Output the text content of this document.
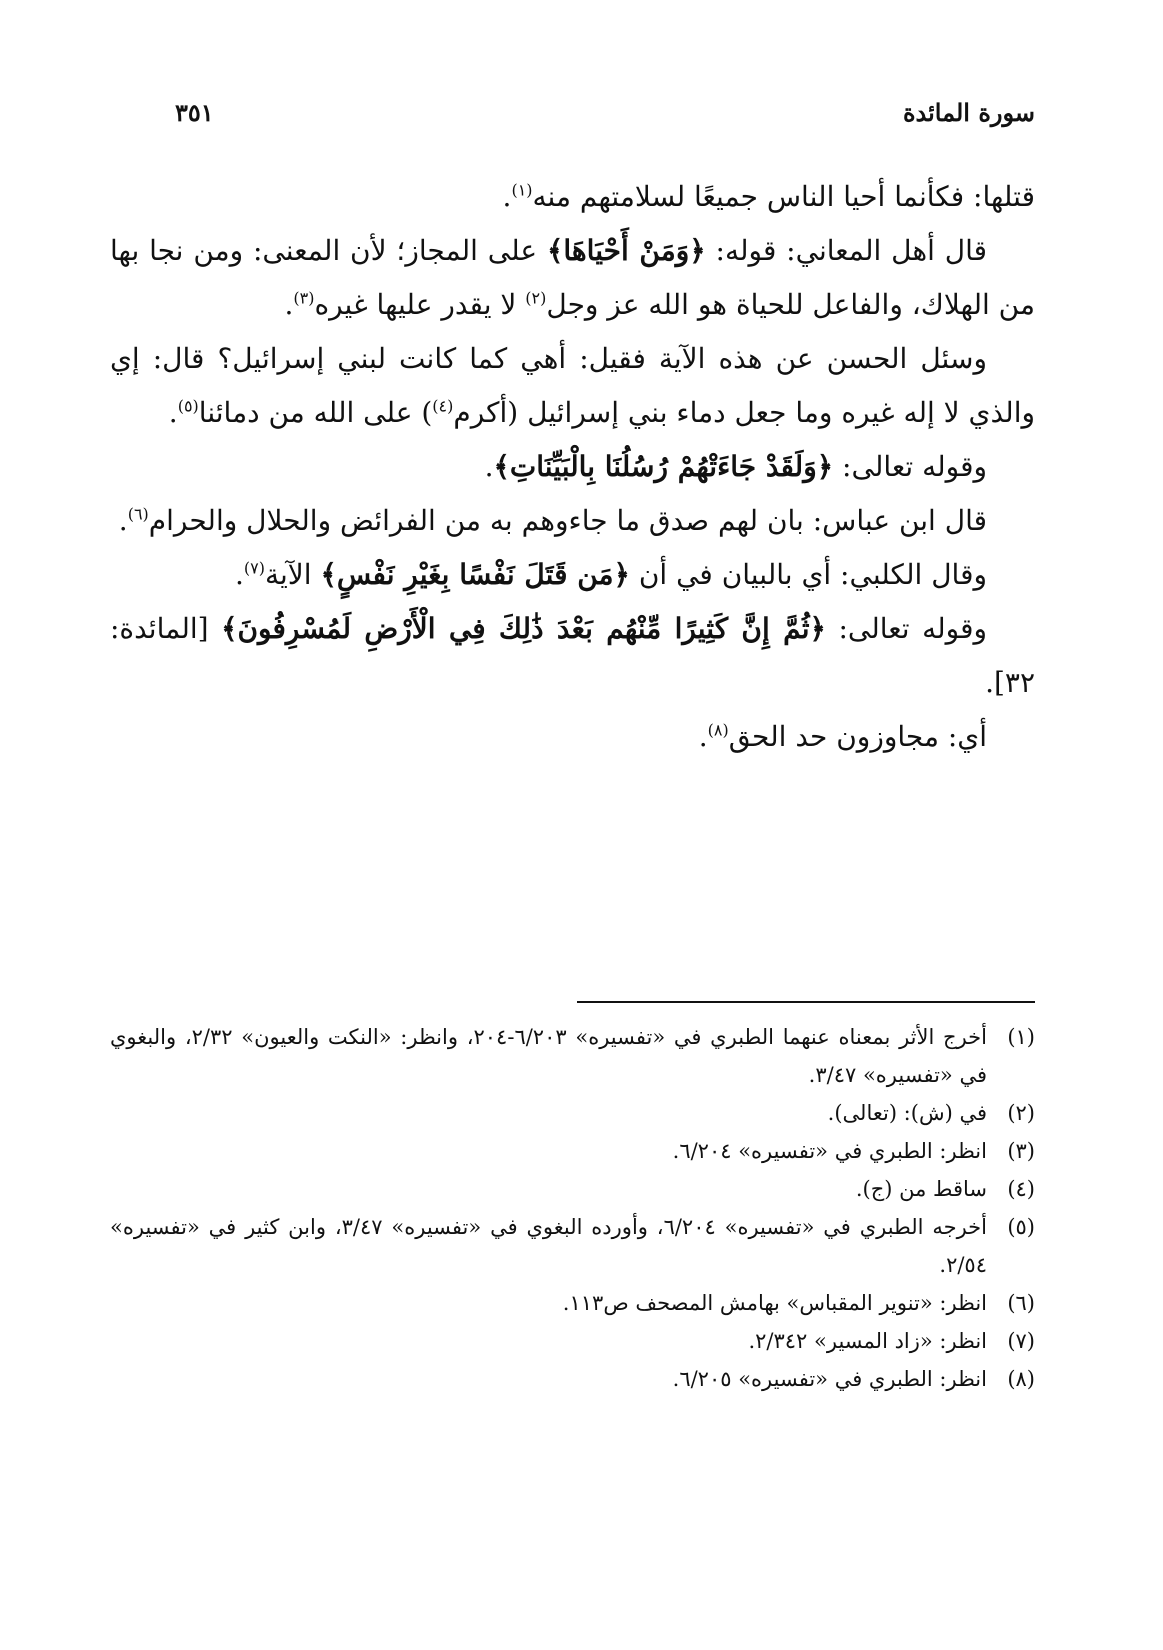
سورة المائدة
٣٥١

قتلها: فكأنما أحيا الناس جميعًا لسلامتهم منه$^{(١)}$.

قال أهل المعاني: قوله: ﴿وَمَنْ أَحْيَاهَا﴾ على المجاز؛ لأن المعنى: ومن نجا بها من الهلاك، والفاعل للحياة هو الله عز وجل$^{(٢)}$ لا يقدر عليها غيره$^{(٣)}$.

وسئل الحسن عن هذه الآية فقيل: أهي كما كانت لبني إسرائيل؟ قال: إي والذي لا إله غيره وما جعل دماء بني إسرائيل (أكرم$^{(٤)}$) على الله من دمائنا$^{(٥)}$.

وقوله تعالى: ﴿وَلَقَدْ جَاءَتْهُمْ رُسُلُنَا بِالْبَيِّنَاتِ﴾.

قال ابن عباس: بان لهم صدق ما جاءوهم به من الفرائض والحلال والحرام$^{(٦)}$.

وقال الكلبي: أي بالبيان في أن ﴿مَن قَتَلَ نَفْسًا بِغَيْرِ نَفْسٍ﴾ الآية$^{(٧)}$.

وقوله تعالى: ﴿ثُمَّ إِنَّ كَثِيرًا مِّنْهُم بَعْدَ ذَٰلِكَ فِي الْأَرْضِ لَمُسْرِفُونَ﴾ [المائدة: ٣٢].

أي: مجاوزون حد الحق$^{(٨)}$.

(١)
أخرج الأثر بمعناه عنهما الطبري في «تفسيره» ٦/٢٠٣-٢٠٤، وانظر: «النكت والعيون» ٢/٣٢، والبغوي في «تفسيره» ٣/٤٧.
(٢)
في (ش): (تعالى).
(٣)
انظر: الطبري في «تفسيره» ٦/٢٠٤.
(٤)
ساقط من (ج).
(٥)
أخرجه الطبري في «تفسيره» ٦/٢٠٤، وأورده البغوي في «تفسيره» ٣/٤٧، وابن كثير في «تفسيره» ٢/٥٤.
(٦)
انظر: «تنوير المقباس» بهامش المصحف ص١١٣.
(٧)
انظر: «زاد المسير» ٢/٣٤٢.
(٨)
انظر: الطبري في «تفسيره» ٦/٢٠٥.
